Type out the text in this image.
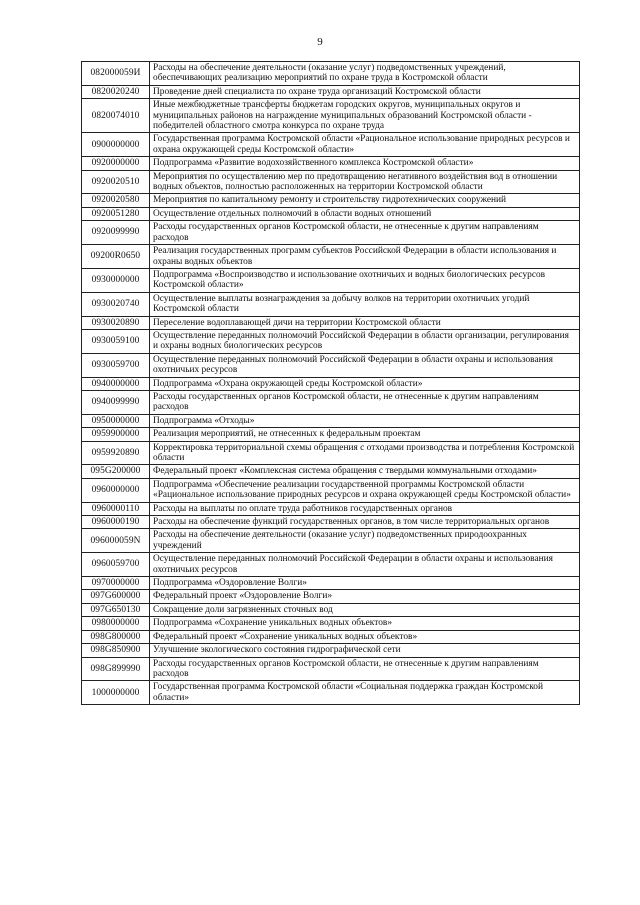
9
082000059И	Расходы на обеспечение деятельности (оказание услуг) подведомственных учреждений, обеспечивающих реализацию мероприятий по охране труда в Костромской области
0820020240	Проведение дней специалиста по охране труда организаций Костромской области
0820074010	Иные межбюджетные трансферты бюджетам городских округов, муниципальных округов и муниципальных районов на награждение муниципальных образований Костромской области - победителей областного смотра конкурса по охране труда
0900000000	Государственная программа Костромской области «Рациональное использование природных ресурсов и охрана окружающей среды Костромской области»
0920000000	Подпрограмма «Развитие водохозяйственного комплекса Костромской области»
0920020510	Мероприятия по осуществлению мер по предотвращению негативного воздействия вод в отношении водных объектов, полностью расположенных на территории Костромской области
0920020580	Мероприятия по капитальному ремонту и строительству гидротехнических сооружений
0920051280	Осуществление отдельных полномочий в области водных отношений
0920099990	Расходы государственных органов Костромской области, не отнесенные к другим направлениям расходов
09200R0650	Реализация государственных программ субъектов Российской Федерации в области использования и охраны водных объектов
0930000000	Подпрограмма «Воспроизводство и использование охотничьих и водных биологических ресурсов Костромской области»
0930020740	Осуществление выплаты вознаграждения за добычу волков на территории охотничьих угодий Костромской области
0930020890	Переселение водоплавающей дичи на территории Костромской области
0930059100	Осуществление переданных полномочий Российской Федерации в области организации, регулирования и охраны водных биологических ресурсов
0930059700	Осуществление переданных полномочий Российской Федерации в области охраны и использования охотничьих ресурсов
0940000000	Подпрограмма «Охрана окружающей среды Костромской области»
0940099990	Расходы государственных органов Костромской области, не отнесенные к другим направлениям расходов
0950000000	Подпрограмма «Отходы»
0959900000	Реализация мероприятий, не отнесенных к федеральным проектам
0959920890	Корректировка территориальной схемы обращения с отходами производства и потребления Костромской области
095G200000	Федеральный проект «Комплексная система обращения с твердыми коммунальными отходами»
0960000000	Подпрограмма «Обеспечение реализации государственной программы Костромской области «Рациональное использование природных ресурсов и охрана окружающей среды Костромской области»
0960000110	Расходы на выплаты по оплате труда работников государственных органов
0960000190	Расходы на обеспечение функций государственных органов, в том числе территориальных органов
096000059N	Расходы на обеспечение деятельности (оказание услуг) подведомственных природоохранных учреждений
0960059700	Осуществление переданных полномочий Российской Федерации в области охраны и использования охотничьих ресурсов
0970000000	Подпрограмма «Оздоровление Волги»
097G600000	Федеральный проект «Оздоровление Волги»
097G650130	Сокращение доли загрязненных сточных вод
0980000000	Подпрограмма «Сохранение уникальных водных объектов»
098G800000	Федеральный проект «Сохранение уникальных водных объектов»
098G850900	Улучшение экологического состояния гидрографической сети
098G899990	Расходы государственных органов Костромской области, не отнесенные к другим направлениям расходов
1000000000	Государственная программа Костромской области «Социальная поддержка граждан Костромской области»
